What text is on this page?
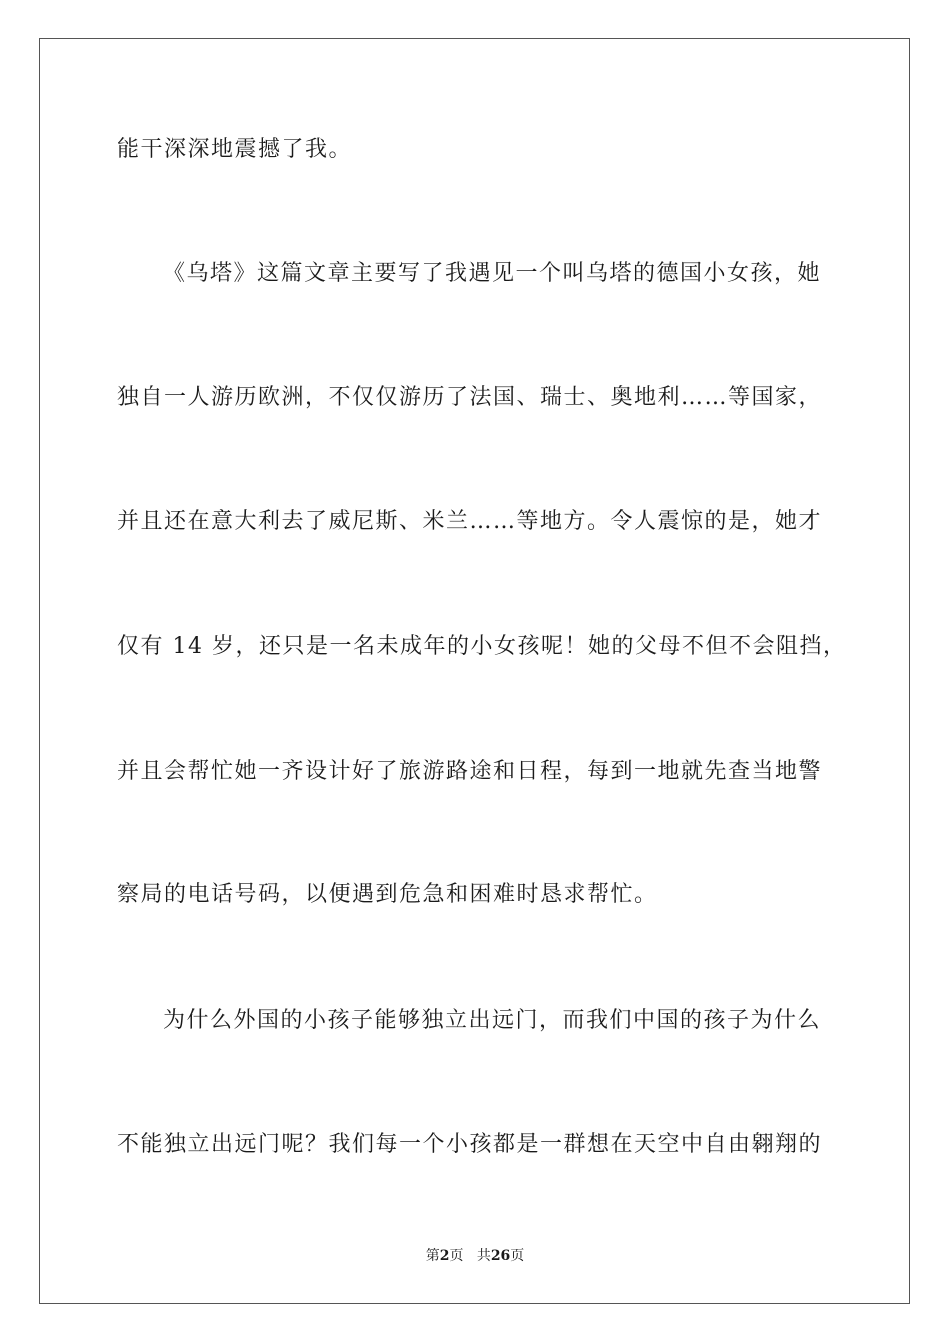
能干深深地震撼了我。
《乌塔》这篇文章主要写了我遇见一个叫乌塔的德国小女孩，她
独自一人游历欧洲，不仅仅游历了法国、瑞士、奥地利……等国家，
并且还在意大利去了威尼斯、米兰……等地方。令人震惊的是，她才
仅有 14 岁，还只是一名未成年的小女孩呢！她的父母不但不会阻挡，
并且会帮忙她一齐设计好了旅游路途和日程，每到一地就先查当地警
察局的电话号码，以便遇到危急和困难时恳求帮忙。
为什么外国的小孩子能够独立出远门，而我们中国的孩子为什么
不能独立出远门呢？我们每一个小孩都是一群想在天空中自由翱翔的
第2页 共26页
